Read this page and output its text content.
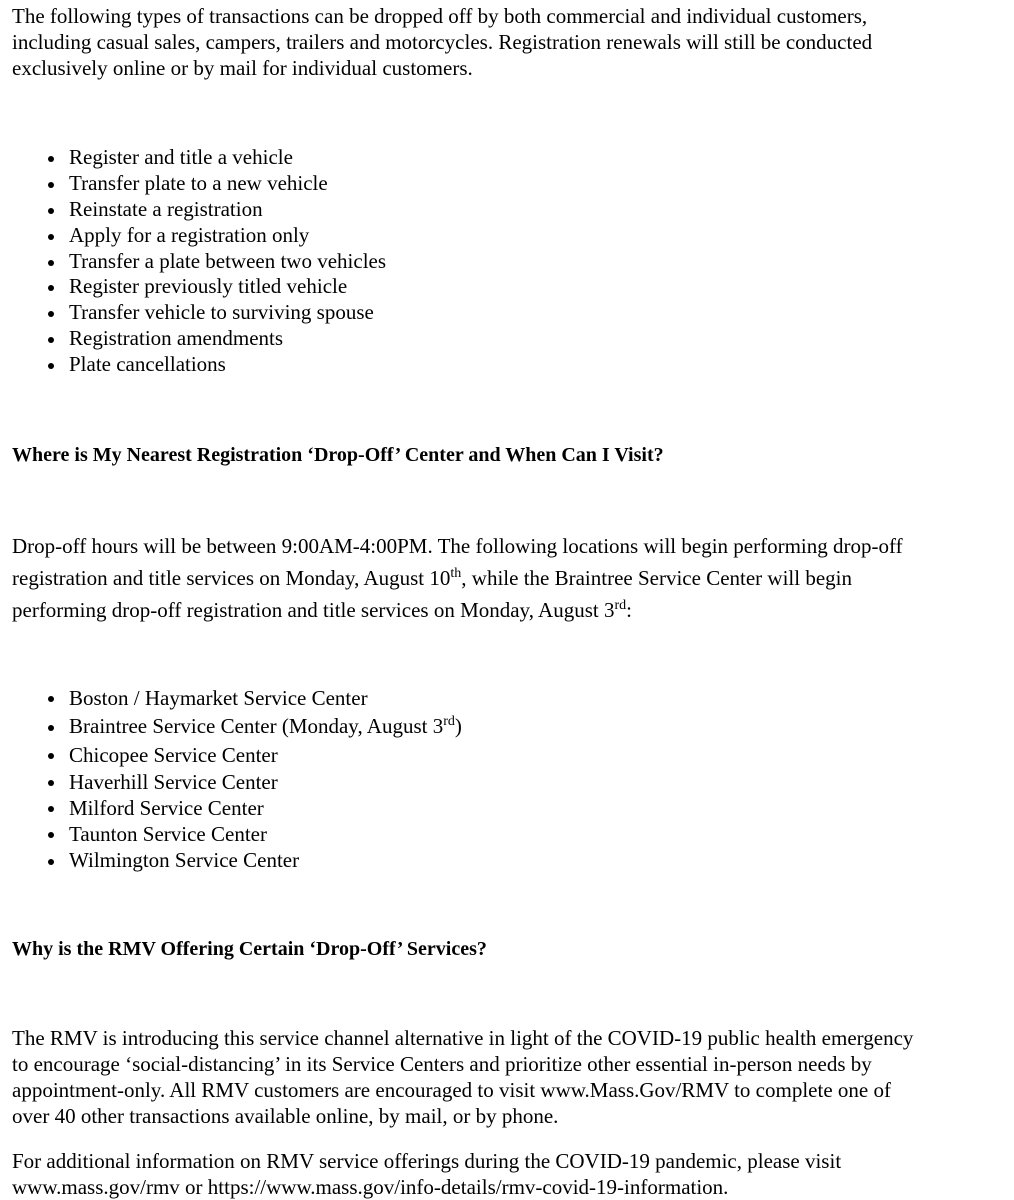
The following types of transactions can be dropped off by both commercial and individual customers,
including casual sales, campers, trailers and motorcycles. Registration renewals will still be conducted
exclusively online or by mail for individual customers.

Register and title a vehicle
Transfer plate to a new vehicle
Reinstate a registration
Apply for a registration only
Transfer a plate between two vehicles
Register previously titled vehicle
Transfer vehicle to surviving spouse
Registration amendments
Plate cancellations
Where is My Nearest Registration ‘Drop-Off’ Center and When Can I Visit?

Drop-off hours will be between 9:00AM-4:00PM. The following locations will begin performing drop-off
registration and title services on Monday, August 10th, while the Braintree Service Center will begin
performing drop-off registration and title services on Monday, August 3rd:

Boston / Haymarket Service Center
Braintree Service Center (Monday, August 3rd)
Chicopee Service Center
Haverhill Service Center
Milford Service Center
Taunton Service Center
Wilmington Service Center
Why is the RMV Offering Certain ‘Drop-Off’ Services?

The RMV is introducing this service channel alternative in light of the COVID-19 public health emergency
to encourage ‘social-distancing’ in its Service Centers and prioritize other essential in-person needs by
appointment-only. All RMV customers are encouraged to visit www.Mass.Gov/RMV to complete one of
over 40 other transactions available online, by mail, or by phone.

For additional information on RMV service offerings during the COVID-19 pandemic, please visit
www.mass.gov/rmv or https://www.mass.gov/info-details/rmv-covid-19-information.
